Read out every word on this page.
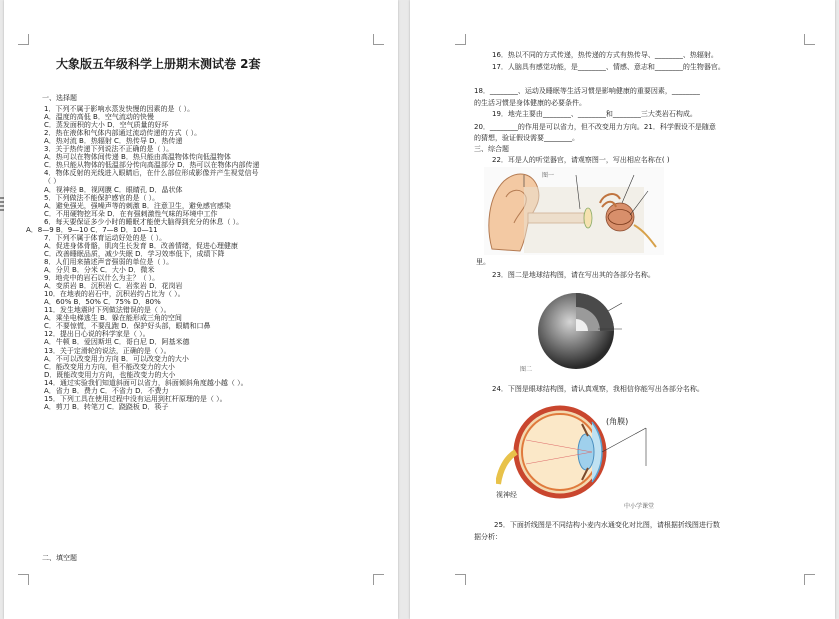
大象版五年级科学上册期末测试卷 2套
一、选择题
1．下列不属于影响水蒸发快慢的因素的是（ ）。
A．温度的高低 B．空气流动的快慢
C．蒸发面积的大小 D．空气质量的好坏
2．热在液体和气体内部通过流动传递的方式（ ）。
A．热对流 B．热辐射 C．热传导 D．热传递
3．关于热传递下列说法不正确的是（ ）。
A．热可以在物体间传递 B．热只能由高温物体传向低温物体
C．热只能从物体的低温部分传向高温部分 D．热可以在物体内部传递
4．物体反射的光线进入眼睛后，在什么部位形成影像并产生视觉信号
（ ）
A．视神经 B．视网膜 C．眼睛孔 D．晶状体
5．下列做法不能保护感官的是（ ）。
A．避免强光，强噪声等的刺激 B．注意卫生，避免感官感染
C．不用硬物挖耳朵 D．在有强刺激性气味的环境中工作
6．每天要保证多少小时的睡眠才能使大脑得到充分的休息（ ）。
A．8—9 B．9—10 C．7—8 D．10—11
7．下列不属于体育运动好处的是（ ）。
A．促进身体骨骼，肌肉生长发育 B．改善情绪，促进心理健康
C．改善睡眠品质，减少失眠 D．学习效率低下，成绩下降
8．人们用来描述声音强弱的单位是（ ）。
A．分贝 B．分米 C．大小 D．微米
9．地壳中的岩石以什么为主？（ ）。
A．变质岩 B．沉积岩 C．岩浆岩 D．花岗岩
10．在地表的岩石中，沉积岩约占比为（ ）。
A．60% B．50% C．75% D．80%
11．发生地震时下列做法错误的是（ ）。
A．乘坐电梯逃生 B．躲在能形成三角的空间
C．不要惊慌，不要乱跑 D．保护好头部，眼睛和口鼻
12．提出日心说的科学家是（ ）。
A．牛顿 B．爱因斯坦 C．哥白尼 D．阿基米德
13．关于定滑轮的说法，正确的是（ ）。
A．不可以改变用力方向 B．可以改变力的大小
C．能改变用力方向，但不能改变力的大小
D．既能改变用力方向，也能改变力的大小
14．通过实验我们知道斜面可以省力，斜面倾斜角度越小越（ ）。
A．省力 B．费力 C．不省力 D．不费力
15．下列工具在使用过程中没有运用到杠杆原理的是（ ）。
A．剪刀 B．转笔刀 C．跷跷板 D．筷子
二、填空题
16．热以不同的方式传递，热传递的方式有热传导、________、热辐射。
17．人脑具有感觉功能，是________、情感、意志和________的生物器官。
18．________、运动及睡眠等生活习惯是影响健康的重要因素，________
的生活习惯是身体健康的必要条件。
19．地壳主要由________、________和________三大类岩石构成。
20．________的作用是可以省力，但不改变用力方向。21．科学假设不是随意
的猜想，验证假设需要________。
三、综合题
22．耳是人的听觉器官，请观察图一，写出相应名称在( )
图一
里。
23．图二是地球结构图，请在写出其的各部分名称。
图二
24．下图是眼球结构图，请认真观察，我相信你能写出各部分名称。
(角膜)
视神经
中小学课堂
25．下面折线图是不同结构小麦内水通变化对比图，请根据折线图进行数
据分析：
